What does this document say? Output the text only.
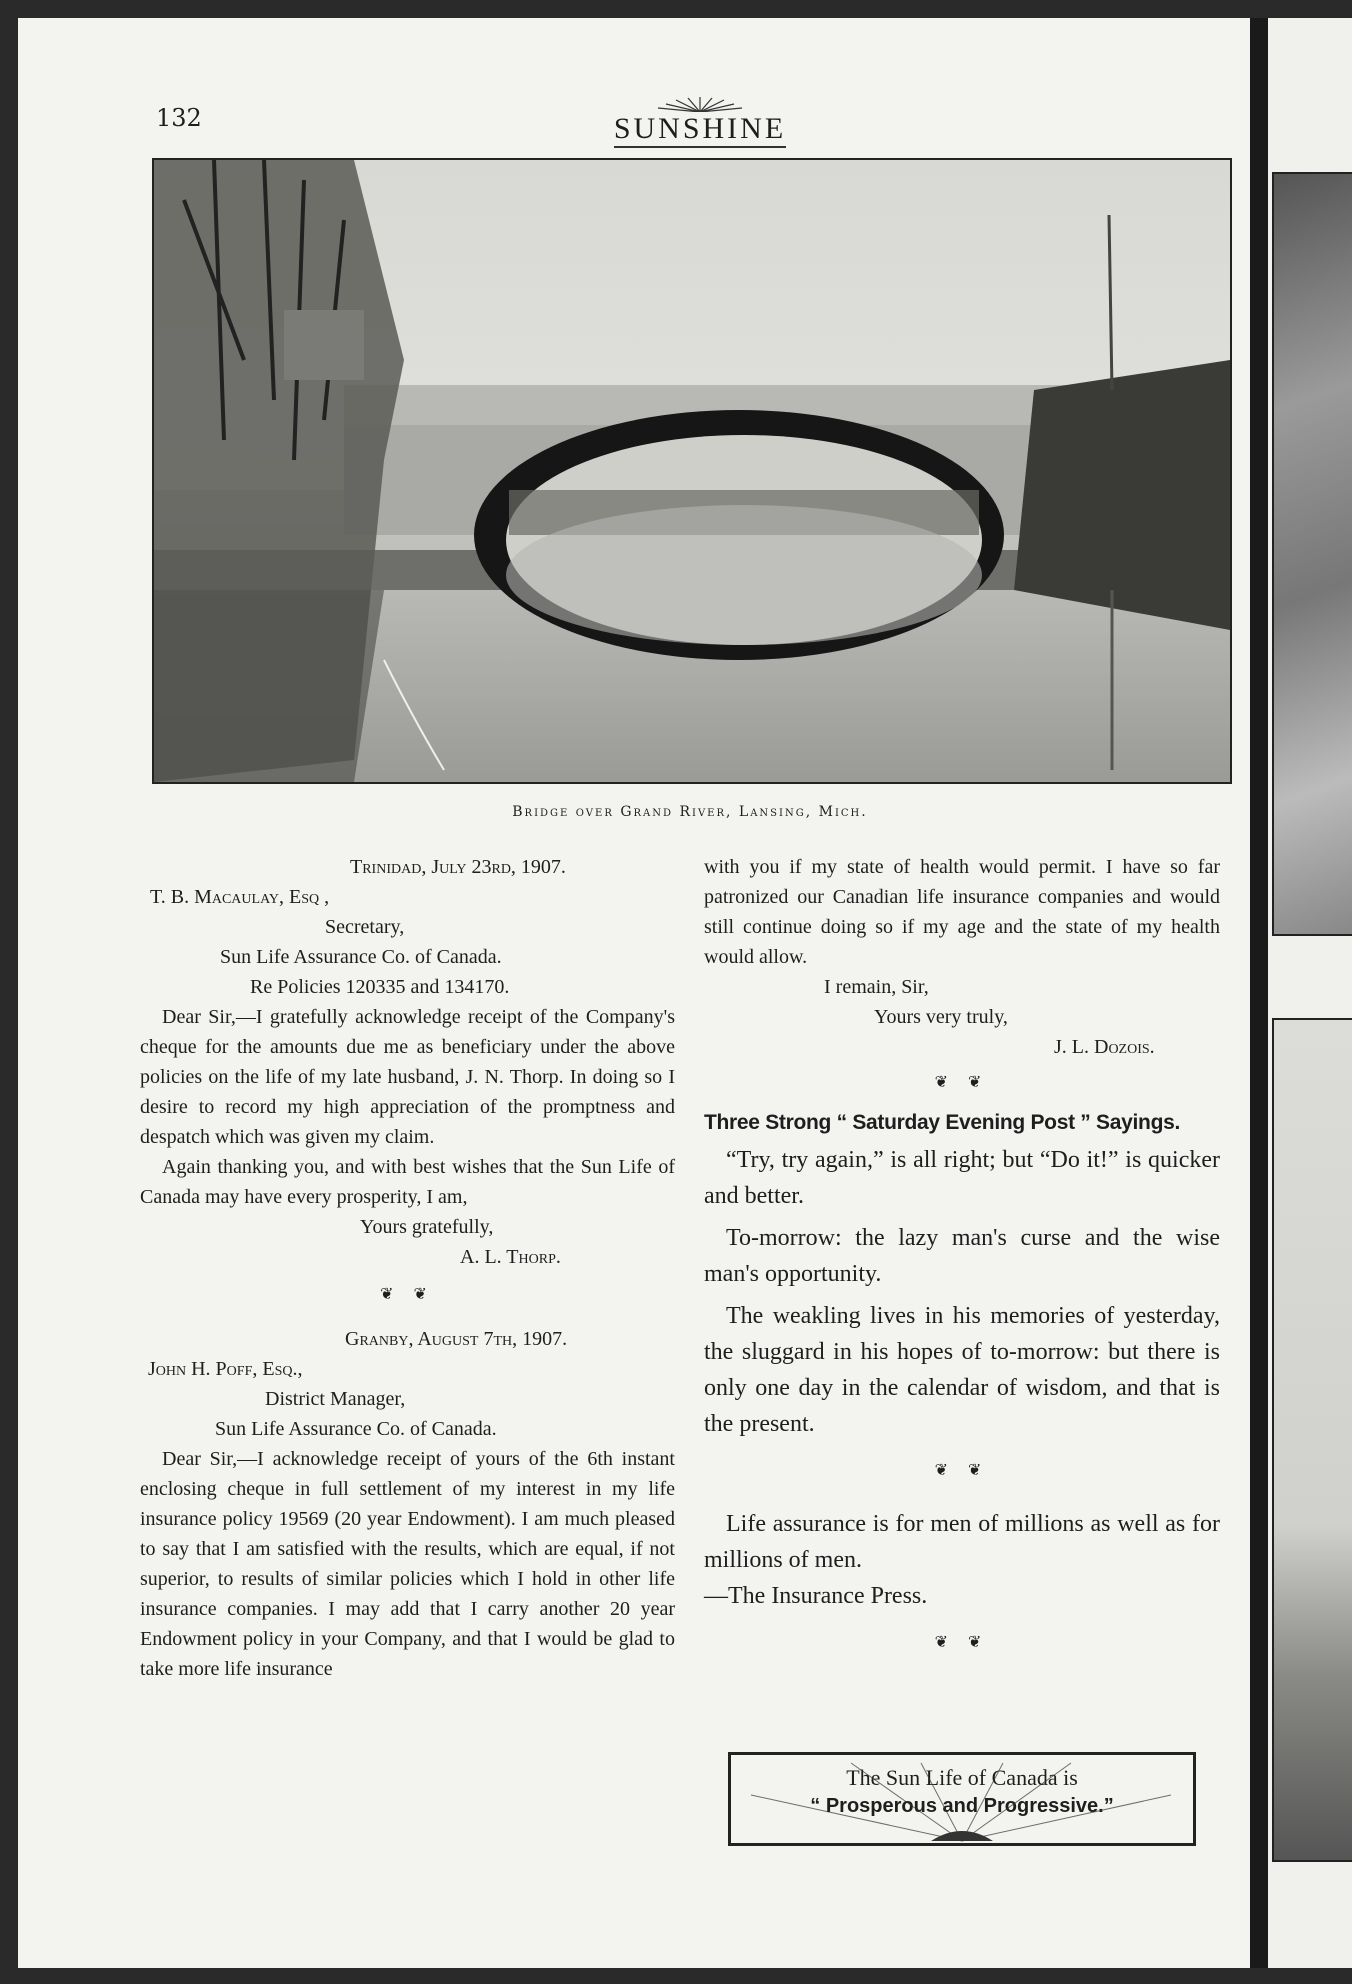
132	SUNSHINE
Bridge over Grand River, Lansing, Mich.

Trinidad, July 23rd, 1907.

T. B. Macaulay, Esq ,

Secretary,

Sun Life Assurance Co. of Canada.

Re Policies 120335 and 134170.

Dear Sir,—I gratefully acknowledge receipt of the Company's cheque for the amounts due me as beneficiary under the above policies on the life of my late husband, J. N. Thorp. In doing so I desire to record my high appreciation of the promptness and despatch which was given my claim.

Again thanking you, and with best wishes that the Sun Life of Canada may have every prosperity, I am,

Yours gratefully,

A. L. Thorp.

❦ ❦

Granby, August 7th, 1907.

John H. Poff, Esq.,

District Manager,

Sun Life Assurance Co. of Canada.

Dear Sir,—I acknowledge receipt of yours of the 6th instant enclosing cheque in full settlement of my interest in my life insurance policy 19569 (20 year Endowment). I am much pleased to say that I am satisfied with the results, which are equal, if not superior, to results of similar policies which I hold in other life insurance companies. I may add that I carry another 20 year Endowment policy in your Company, and that I would be glad to take more life insurance

with you if my state of health would permit. I have so far patronized our Canadian life insurance companies and would still continue doing so if my age and the state of my health would allow.

I remain, Sir,

Yours very truly,

J. L. Dozois.

❦ ❦

Three Strong “ Saturday Evening Post ” Sayings.

“Try, try again,” is all right; but “Do it!” is quicker and better.

To-morrow: the lazy man's curse and the wise man's opportunity.

The weakling lives in his memories of yesterday, the sluggard in his hopes of to-morrow: but there is only one day in the calendar of wisdom, and that is the present.

❦ ❦

Life assurance is for men of millions as well as for millions of men.

—The Insurance Press.

❦ ❦

The Sun Life of Canada is
“ Prosperous and Progressive.”
